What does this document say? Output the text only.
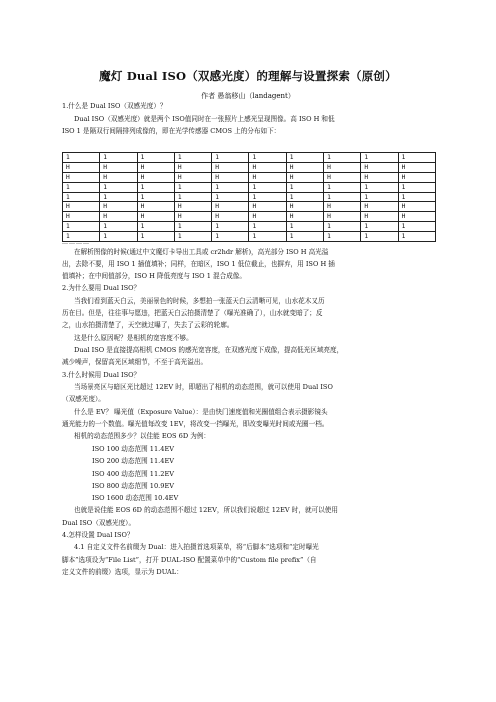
魔灯 Dual ISO（双感光度）的理解与设置探索（原创）
作者 愚翁移山（landagent）
1.什么是 Dual ISO（双感光度）？
Dual ISO（双感光度）就是两个 ISO值同时在一张照片上感光呈现图像。高 ISO H 和低
ISO 1 是隔双行间隔排列成像的，即在光学传感器 CMOS 上的分布如下：
1	1	1	1	1	1	1	1	1	1
H	H	H	H	H	H	H	H	H	H
H	H	H	H	H	H	H	H	H	H
1	1	1	1	1	1	1	1	1	1
1	1	1	1	1	1	1	1	1	1
H	H	H	H	H	H	H	H	H	H
H	H	H	H	H	H	H	H	H	H
1	1	1	1	1	1	1	1	1	1
1	1	1	1	1	1	1	1	1	1
…………
在解析图像的时候(通过中文魔灯卡导出工具或 cr2hdr 解析)，高光部分 ISO H 高光溢
出，去除不要，用 ISO 1 插值填补；同样，在暗区，ISO 1 低位截止，也摒弃，用 ISO H 插
值填补；在中间值部分，ISO H 降低亮度与 ISO 1 混合成像。
2.为什么要用 Dual ISO？
当我们看到蓝天白云，美丽景色的时候，多想拍一张蓝天白云清晰可见，山水花木又历
历在目。但是，往往事与愿违，把蓝天白云拍摄清楚了（曝光准确了），山水就变暗了；反
之，山水拍摄清楚了，天空就过曝了，失去了云彩的轮廓。
这是什么原因呢？是相机的宽容度不够。
Dual ISO 是直接提高相机 CMOS 的感光宽容度，在双感光度下成像，提高低光区域亮度，
减少噪声，保留高光区域细节，不至于高光溢出。
3.什么时候用 Dual ISO？
当场景亮区与暗区光比超过 12EV 时，即超出了相机的动态范围，就可以使用 Dual ISO
（双感光度）。
什么是 EV？ 曝光值（Exposure Value）：是由快门速度值和光圈值组合表示摄影镜头
通光能力的一个数值。曝光值每改变 1EV，将改变一挡曝光，即改变曝光时间或光圈一档。
相机的动态范围多少？以佳能 EOS 6D 为例：
ISO 100 动态范围 11.4EV
ISO 200 动态范围 11.4EV
ISO 400 动态范围 11.2EV
ISO 800 动态范围 10.9EV
ISO 1600 动态范围 10.4EV
也就是说佳能 EOS 6D 的动态范围不超过 12EV，所以我们说超过 12EV 时，就可以使用
Dual ISO（双感光度）。
4.怎样设置 Dual ISO？
4.1 自定义文件名前缀为 Dual：进入拍摄首选项菜单，将“后脚本”选项和“定时曝光
脚本”选项设为“File List”，打开 DUAL-ISO 配置菜单中的“Custom file prefix”（自
定义文件的前缀）选项，显示为 DUAL：
